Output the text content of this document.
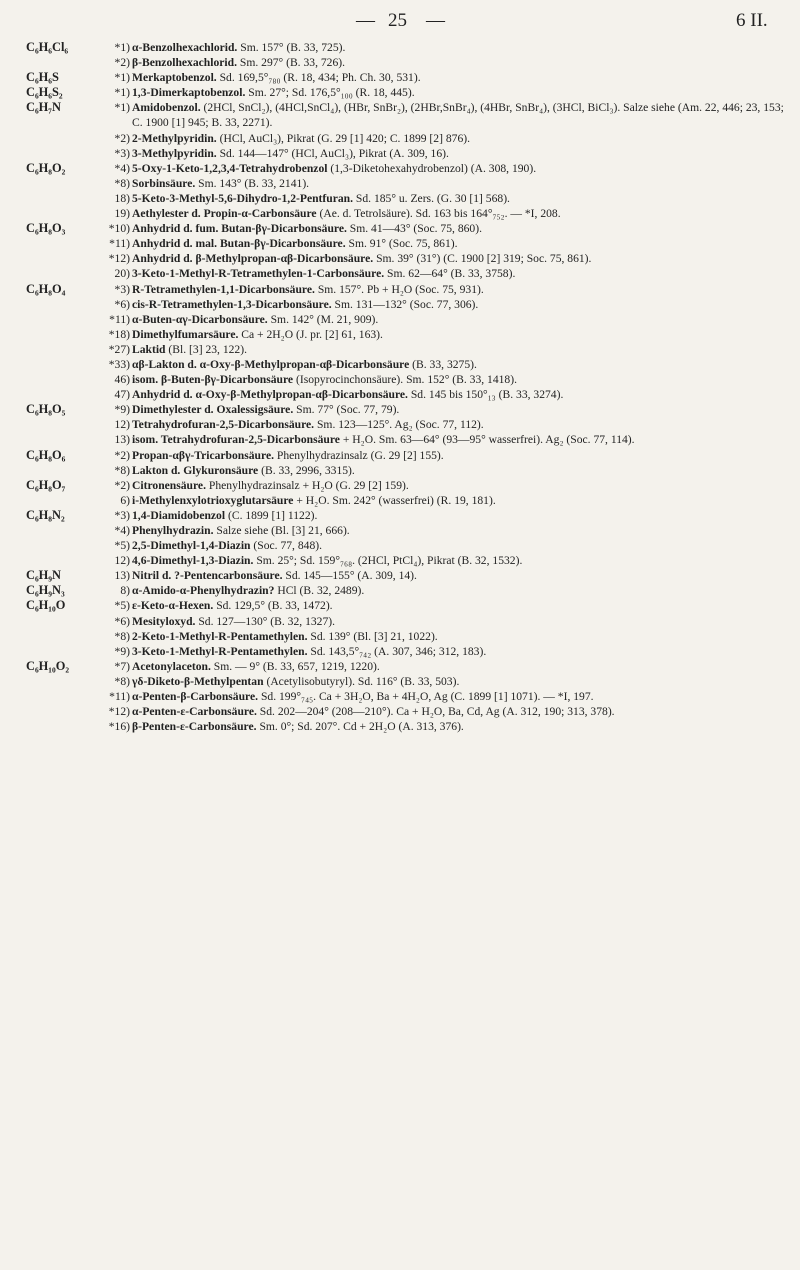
— 25 —	6 II.
C₆H₆Cl₆	*1) α-Benzolhexachlorid. Sm. 157° (B. 33, 725).
*2) β-Benzolhexachlorid. Sm. 297° (B. 33, 726).
C₆H₆S	*1) Merkaptobenzol. Sd. 169,5°₇₈₀ (R. 18, 434; Ph. Ch. 30, 531).
C₆H₆S₂	*1) 1,3-Dimerkaptobenzol. Sm. 27°; Sd. 176,5°₁₀₀ (R. 18, 445).
C₆H₇N	*1) Amidobenzol. (2HCl, SnCl₂), (4HCl,SnCl₄), (HBr, SnBr₂), (2HBr,SnBr₄), (4HBr, SnBr₄), (3HCl, BiCl₃). Salze siehe (Am. 22, 446; 23, 153; C. 1900 [1] 945; B. 33, 2271).
*2) 2-Methylpyridin. (HCl, AuCl₃), Pikrat (G. 29 [1] 420; C. 1899 [2] 876).
*3) 3-Methylpyridin. Sd. 144—147° (HCl, AuCl₃), Pikrat (A. 309, 16).
C₆H₈O₂	*4) 5-Oxy-1-Keto-1,2,3,4-Tetrahydrobenzol (1,3-Diketohexahydrobenzol) (A. 308, 190).
*8) Sorbinsäure. Sm. 143° (B. 33, 2141).
18) 5-Keto-3-Methyl-5,6-Dihydro-1,2-Pentfuran. Sd. 185° u. Zers. (G. 30 [1] 568).
19) Aethylester d. Propin-α-Carbonsäure (Ae. d. Tetrolsäure). Sd. 163 bis 164°₇₅₂. — *I, 208.
C₆H₈O₃	*10) Anhydrid d. fum. Butan-βγ-Dicarbonsäure. Sm. 41—43° (Soc. 75, 860).
*11) Anhydrid d. mal. Butan-βγ-Dicarbonsäure. Sm. 91° (Soc. 75, 861).
*12) Anhydrid d. β-Methylpropan-αβ-Dicarbonsäure. Sm. 39° (31°) (C. 1900 [2] 319; Soc. 75, 861).
20) 3-Keto-1-Methyl-R-Tetramethylen-1-Carbonsäure. Sm. 62—64° (B. 33, 3758).
C₆H₈O₄	*3) R-Tetramethylen-1,1-Dicarbonsäure. Sm. 157°. Pb + H₂O (Soc. 75, 931).
*6) cis-R-Tetramethylen-1,3-Dicarbonsäure. Sm. 131—132° (Soc. 77, 306).
*11) α-Buten-αγ-Dicarbonsäure. Sm. 142° (M. 21, 909).
*18) Dimethylfumarsäure. Ca + 2H₂O (J. pr. [2] 61, 163).
*27) Laktid (Bl. [3] 23, 122).
*33) αβ-Lakton d. α-Oxy-β-Methylpropan-αβ-Dicarbonsäure (B. 33, 3275).
46) isom. β-Buten-βγ-Dicarbonsäure (Isopyrocinchonsäure). Sm. 152° (B. 33, 1418).
47) Anhydrid d. α-Oxy-β-Methylpropan-αβ-Dicarbonsäure. Sd. 145 bis 150°₁₃ (B. 33, 3274).
C₆H₈O₅	*9) Dimethylester d. Oxalessigsäure. Sm. 77° (Soc. 77, 79).
12) Tetrahydrofuran-2,5-Dicarbonsäure. Sm. 123—125°. Ag₂ (Soc. 77, 112).
13) isom. Tetrahydrofuran-2,5-Dicarbonsäure + H₂O. Sm. 63—64° (93—95° wasserfrei). Ag₂ (Soc. 77, 114).
C₆H₈O₆	*2) Propan-αβγ-Tricarbonsäure. Phenylhydrazinsalz (G. 29 [2] 155).
*8) Lakton d. Glykuronsäure (B. 33, 2996, 3315).
C₆H₈O₇	*2) Citronensäure. Phenylhydrazinsalz + H₂O (G. 29 [2] 159).
6) i-Methylenxylotrioxyglutarsäure + H₂O. Sm. 242° (wasserfrei) (R. 19, 181).
C₆H₈N₂	*3) 1,4-Diamidobenzol (C. 1899 [1] 1122).
*4) Phenylhydrazin. Salze siehe (Bl. [3] 21, 666).
*5) 2,5-Dimethyl-1,4-Diazin (Soc. 77, 848).
12) 4,6-Dimethyl-1,3-Diazin. Sm. 25°; Sd. 159°₇₆₈. (2HCl, PtCl₄), Pikrat (B. 32, 1532).
C₆H₉N	13) Nitril d. ?-Pentencarbonsäure. Sd. 145—155° (A. 309, 14).
C₆H₉N₃	8) α-Amido-α-Phenylhydrazin? HCl (B. 32, 2489).
C₆H₁₀O	*5) ε-Keto-α-Hexen. Sd. 129,5° (B. 33, 1472).
*6) Mesityloxyd. Sd. 127—130° (B. 32, 1327).
*8) 2-Keto-1-Methyl-R-Pentamethylen. Sd. 139° (Bl. [3] 21, 1022).
*9) 3-Keto-1-Methyl-R-Pentamethylen. Sd. 143,5°₇₄₂ (A. 307, 346; 312, 183).
C₆H₁₀O₂	*7) Acetonylaceton. Sm. — 9° (B. 33, 657, 1219, 1220).
*8) γδ-Diketo-β-Methylpentan (Acetylisobutyryl). Sd. 116° (B. 33, 503).
*11) α-Penten-β-Carbonsäure. Sd. 199°₇₄₅. Ca + 3H₂O, Ba + 4H₂O, Ag (C. 1899 [1] 1071). — *I, 197.
*12) α-Penten-ε-Carbonsäure. Sd. 202—204° (208—210°). Ca + H₂O, Ba, Cd, Ag (A. 312, 190; 313, 378).
*16) β-Penten-ε-Carbonsäure. Sm. 0°; Sd. 207°. Cd + 2H₂O (A. 313, 376).
